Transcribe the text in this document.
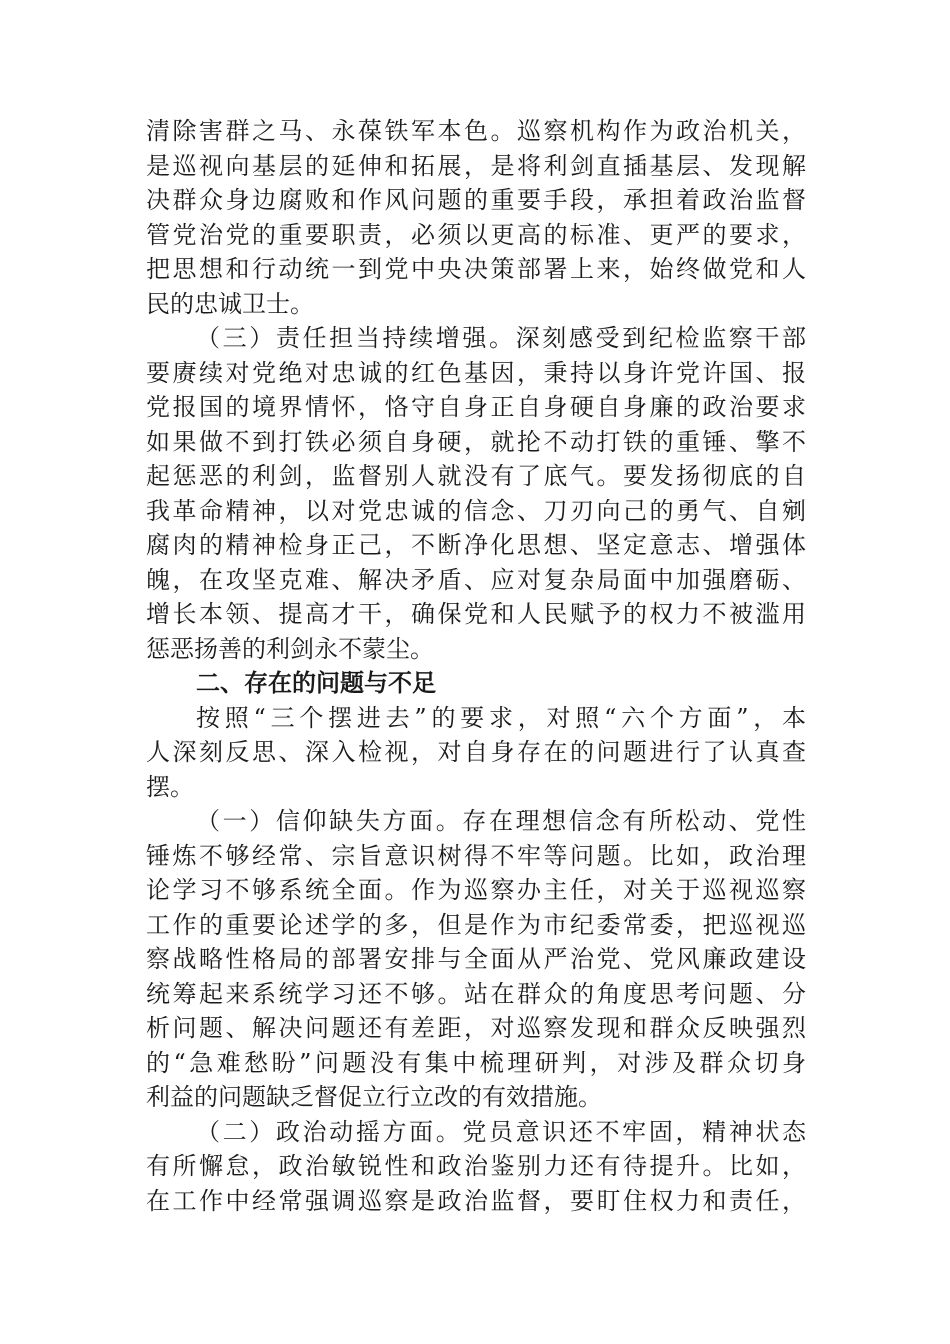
清除害群之马、永葆铁军本色。巡察机构作为政治机关，
是巡视向基层的延伸和拓展，是将利剑直插基层、发现解
决群众身边腐败和作风问题的重要手段，承担着政治监督
管党治党的重要职责，必须以更高的标准、更严的要求，
把思想和行动统一到党中央决策部署上来，始终做党和人
民的忠诚卫士。
（三）责任担当持续增强。深刻感受到纪检监察干部
要赓续对党绝对忠诚的红色基因，秉持以身许党许国、报
党报国的境界情怀，恪守自身正自身硬自身廉的政治要求
如果做不到打铁必须自身硬，就抡不动打铁的重锤、擎不
起惩恶的利剑，监督别人就没有了底气。要发扬彻底的自
我革命精神，以对党忠诚的信念、刀刃向己的勇气、自剜
腐肉的精神检身正己，不断净化思想、坚定意志、增强体
魄，在攻坚克难、解决矛盾、应对复杂局面中加强磨砺、
增长本领、提高才干，确保党和人民赋予的权力不被滥用
惩恶扬善的利剑永不蒙尘。
二、存在的问题与不足
按照“三个摆进去”的要求，对照“六个方面”，本
人深刻反思、深入检视，对自身存在的问题进行了认真查
摆。
（一）信仰缺失方面。存在理想信念有所松动、党性
锤炼不够经常、宗旨意识树得不牢等问题。比如，政治理
论学习不够系统全面。作为巡察办主任，对关于巡视巡察
工作的重要论述学的多，但是作为市纪委常委，把巡视巡
察战略性格局的部署安排与全面从严治党、党风廉政建设
统筹起来系统学习还不够。站在群众的角度思考问题、分
析问题、解决问题还有差距，对巡察发现和群众反映强烈
的“急难愁盼”问题没有集中梳理研判，对涉及群众切身
利益的问题缺乏督促立行立改的有效措施。
（二）政治动摇方面。党员意识还不牢固，精神状态
有所懈怠，政治敏锐性和政治鉴别力还有待提升。比如，
在工作中经常强调巡察是政治监督，要盯住权力和责任，
